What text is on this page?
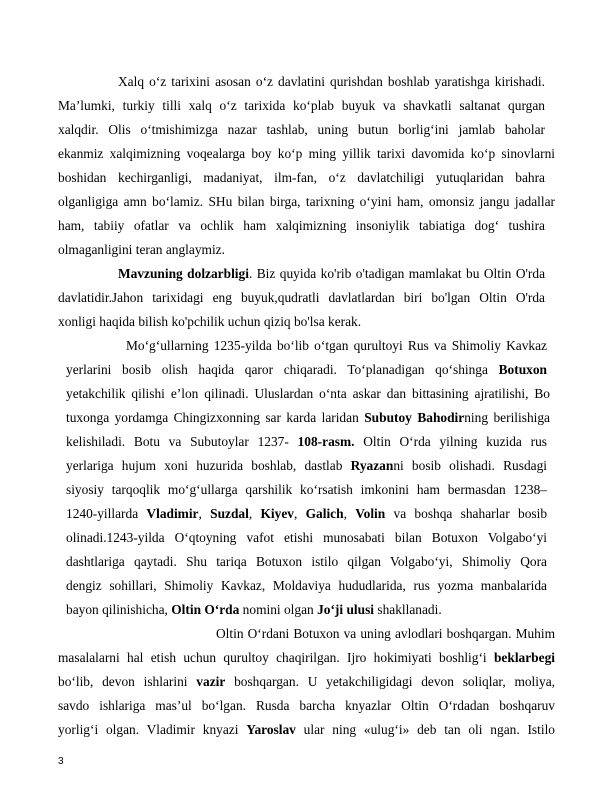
Xalq o‘z tarixini asosan o‘z davlatini qurishdan boshlab yaratishga kirishadi.
Ma’lumki, turkiy tilli xalq o‘z tarixida ko‘plab buyuk va shavkatli saltanat qurgan
xalqdir. Olis o‘tmishimizga nazar tashlab, uning butun borlig‘ini jamlab baholar
ekanmiz xalqimizning voqealarga boy ko‘p ming yillik tarixi davomida ko‘p sinovlarni
boshidan kechirganligi, madaniyat, ilm-fan, o‘z davlatchiligi yutuqlaridan bahra
olganligiga amn bo‘lamiz. SHu bilan birga, tarixning o‘yini ham, omonsiz jangu jadallar
ham, tabiiy ofatlar va ochlik ham xalqimizning insoniylik tabiatiga dog‘ tushira
olmaganligini teran anglaymiz.
Mavzuning dolzarbligi. Biz quyida ko'rib o'tadigan mamlakat bu Oltin O'rda
davlatidir.Jahon tarixidagi eng buyuk,qudratli davlatlardan biri bo'lgan Oltin O'rda
xonligi haqida bilish ko'pchilik uchun qiziq bo'lsa kerak.
Mo‘g‘ullarning 1235-yilda bo‘lib o‘tgan qurultoyi Rus va Shimoliy Kavkaz
yerlarini bosib olish haqida qaror chiqaradi. To‘planadigan qo‘shinga Botuxon
yetakchilik qilishi e’lon qilinadi. Uluslardan o‘nta askar dan bittasining ajratilishi, Bo
tuxonga yordamga Chingizxonning sar karda laridan Subutoy Bahodirning berilishiga
kelishiladi. Botu va Subutoylar 1237- 108-rasm. Oltin O‘rda yilning kuzida rus
yerlariga hujum xoni huzurida boshlab, dastlab Ryazanni bosib olishadi. Rusdagi
siyosiy tarqoqlik mo‘g‘ullarga qarshilik ko‘rsatish imkonini ham bermasdan 1238–
1240-yillarda Vladimir, Suzdal, Kiyev, Galich, Volin va boshqa shaharlar bosib
olinadi.1243-yilda O‘qtoyning vafot etishi munosabati bilan Botuxon Volgabo‘yi
dashtlariga qaytadi. Shu tariqa Botuxon istilo qilgan Volgabo‘yi, Shimoliy Qora
dengiz sohillari, Shimoliy Kavkaz, Moldaviya hududlarida, rus yozma manbalarida
bayon qilinishicha, Oltin O‘rda nomini olgan Jo‘ji ulusi shakllanadi.
Oltin O‘rdani Botuxon va uning avlodlari boshqargan. Muhim
masalalarni hal etish uchun qurultoy chaqirilgan. Ijro hokimiyati boshlig‘i beklarbegi
bo‘lib, devon ishlarini vazir boshqargan. U yetakchiligidagi devon soliqlar, moliya,
savdo ishlariga mas’ul bo‘lgan. Rusda barcha knyazlar Oltin O‘rdadan boshqaruv
yorlig‘i olgan. Vladimir knyazi Yaroslav ular ning «ulug‘i» deb tan oli ngan. Istilo
3
